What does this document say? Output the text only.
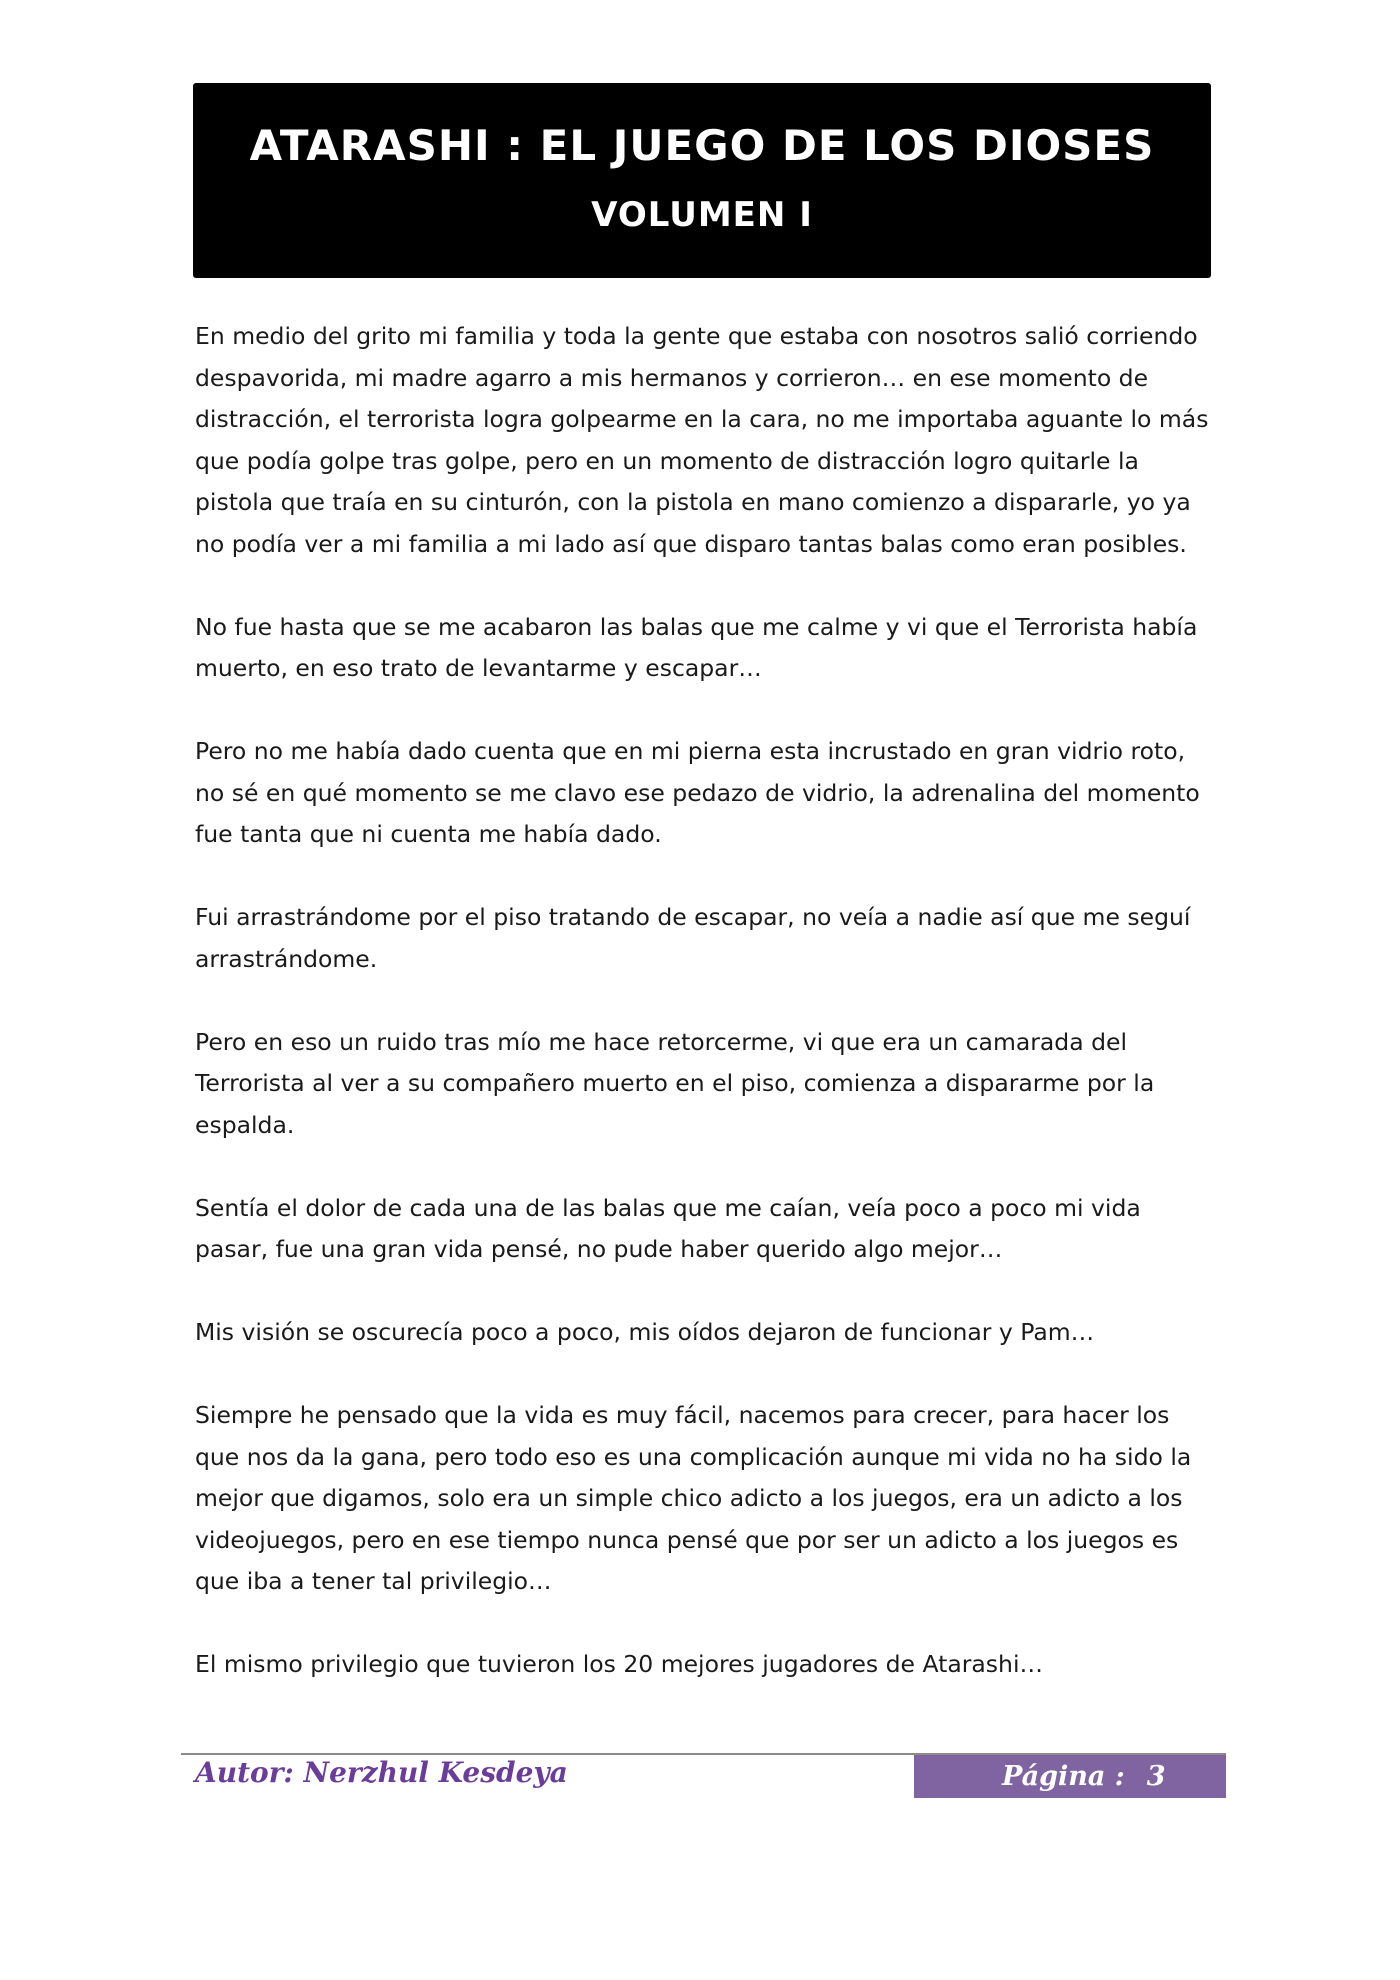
ATARASHI : EL JUEGO DE LOS DIOSES
VOLUMEN I

En medio del grito mi familia y toda la gente que estaba con nosotros salió corriendo despavorida, mi madre agarro a mis hermanos y corrieron… en ese momento de distracción, el terrorista logra golpearme en la cara, no me importaba aguante lo más que podía golpe tras golpe, pero en un momento de distracción logro quitarle la pistola que traía en su cinturón, con la pistola en mano comienzo a dispararle, yo ya no podía ver a mi familia a mi lado así que disparo tantas balas como eran posibles.

No fue hasta que se me acabaron las balas que me calme y vi que el Terrorista había muerto, en eso trato de levantarme y escapar…

Pero no me había dado cuenta que en mi pierna esta incrustado en gran vidrio roto, no sé en qué momento se me clavo ese pedazo de vidrio, la adrenalina del momento fue tanta que ni cuenta me había dado.

Fui arrastrándome por el piso tratando de escapar, no veía a nadie así que me seguí arrastrándome.

Pero en eso un ruido tras mío me hace retorcerme, vi que era un camarada del Terrorista al ver a su compañero muerto en el piso, comienza a dispararme por la espalda.

Sentía el dolor de cada una de las balas que me caían, veía poco a poco mi vida pasar, fue una gran vida pensé, no pude haber querido algo mejor…

Mis visión se oscurecía poco a poco, mis oídos dejaron de funcionar y Pam…

Siempre he pensado que la vida es muy fácil, nacemos para crecer, para hacer los que nos da la gana, pero todo eso es una complicación aunque mi vida no ha sido la mejor que digamos, solo era un simple chico adicto a los juegos, era un adicto a los videojuegos, pero en ese tiempo nunca pensé que por ser un adicto a los juegos es que iba a tener tal privilegio…

El mismo privilegio que tuvieron los 20 mejores jugadores de Atarashi…

Autor: Nerzhul Kesdeya	Página : 3
